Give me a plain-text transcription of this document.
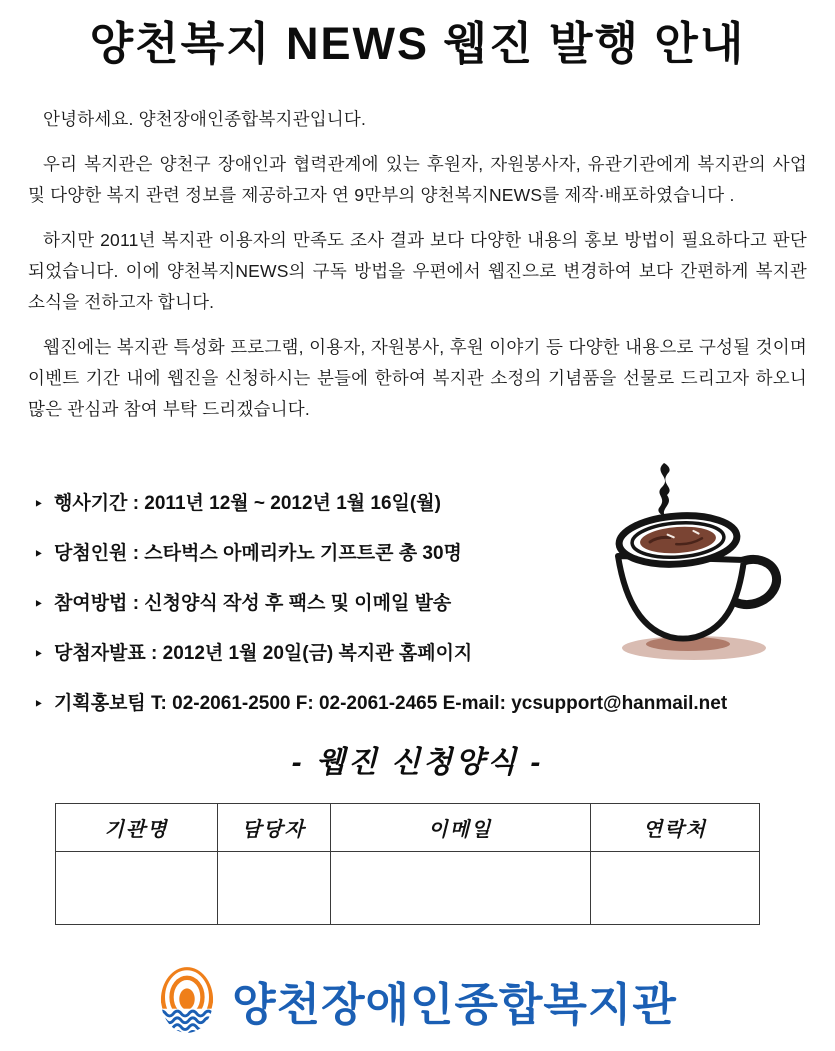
양천복지 NEWS 웹진 발행 안내

안녕하세요. 양천장애인종합복지관입니다.

우리 복지관은 양천구 장애인과 협력관계에 있는 후원자, 자원봉사자, 유관기관에게 복지관의 사업 및 다양한 복지 관련 정보를 제공하고자 연 9만부의 양천복지NEWS를 제작·배포하였습니다 .

하지만 2011년 복지관 이용자의 만족도 조사 결과 보다 다양한 내용의 홍보 방법이 필요하다고 판단되었습니다. 이에 양천복지NEWS의 구독 방법을 우편에서 웹진으로 변경하여 보다 간편하게 복지관 소식을 전하고자 합니다.

웹진에는 복지관 특성화 프로그램, 이용자, 자원봉사, 후원 이야기 등 다양한 내용으로 구성될 것이며 이벤트 기간 내에 웹진을 신청하시는 분들에 한하여 복지관 소정의 기념품을 선물로 드리고자 하오니 많은 관심과 참여 부탁 드리겠습니다.

‣ 행사기간 : 2011년 12월 ~ 2012년 1월 16일(월)
‣ 당첨인원 : 스타벅스 아메리카노 기프트콘 총 30명
‣ 참여방법 : 신청양식 작성 후 팩스 및 이메일 발송
‣ 당첨자발표 : 2012년 1월 20일(금) 복지관 홈페이지
‣ 기획홍보팀 T: 02-2061-2500 F: 02-2061-2465 E-mail: ycsupport@hanmail.net
- 웹진 신청양식 -
기관명	담당자	이메일	연락처

양천장애인종합복지관
